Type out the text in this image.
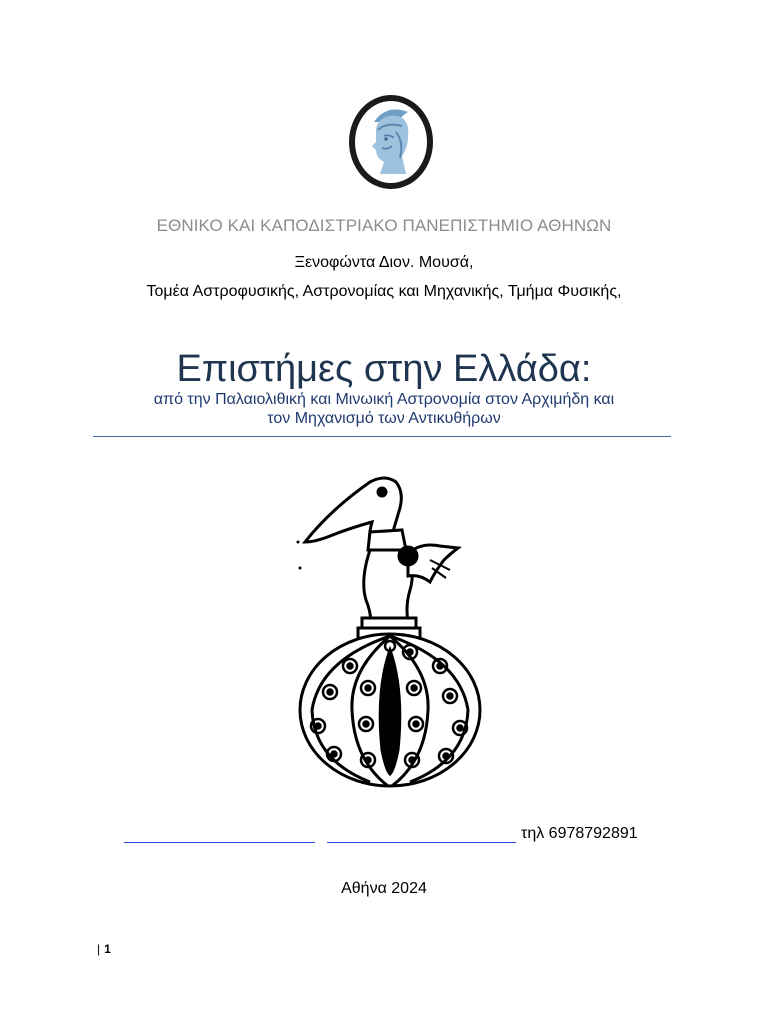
ΕΘΝΙΚΟ ΚΑΙ ΚΑΠΟΔΙΣΤΡΙΑΚΟ ΠΑΝΕΠΙΣΤΗΜΙΟ ΑΘΗΝΩΝ
Ξενοφώντα Διον. Μουσά,
Τομέα Αστροφυσικής, Αστρονομίας και Μηχανικής, Τμήμα Φυσικής,
Επιστήμες στην Ελλάδα:
από την Παλαιολιθική και Μινωική Αστρονομία στον Αρχιμήδη και
τον Μηχανισμό των Αντικυθήρων
τηλ 6978792891
Αθήνα 2024
| 1
